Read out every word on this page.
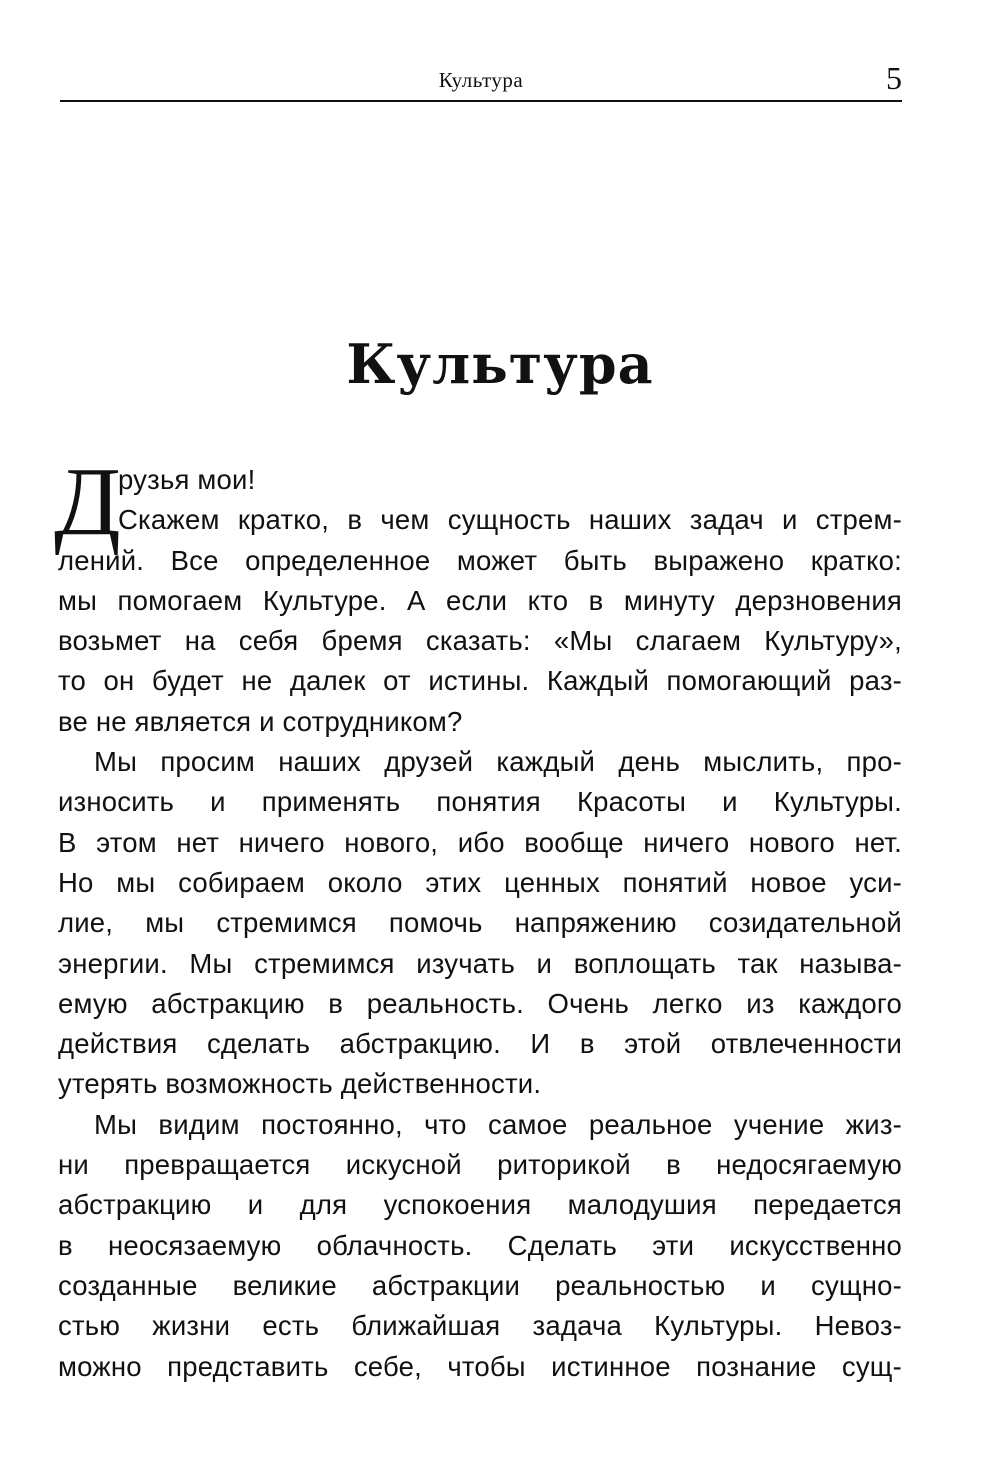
Культура	5
Культура
Д
рузья мои!
Скажем кратко, в чем сущность наших задач и стрем-
лений. Все определенное может быть выражено кратко:
мы помогаем Культуре. А если кто в минуту дерзновения
возьмет на себя бремя сказать: «Мы слагаем Культуру»,
то он будет не далек от истины. Каждый помогающий раз-
ве не является и сотрудником?
Мы просим наших друзей каждый день мыслить, про-
износить и применять понятия Красоты и Культуры.
В этом нет ничего нового, ибо вообще ничего нового нет.
Но мы собираем около этих ценных понятий новое уси-
лие, мы стремимся помочь напряжению созидательной
энергии. Мы стремимся изучать и воплощать так называ-
емую абстракцию в реальность. Очень легко из каждого
действия сделать абстракцию. И в этой отвлеченности
утерять возможность действенности.
Мы видим постоянно, что самое реальное учение жиз-
ни превращается искусной риторикой в недосягаемую
абстракцию и для успокоения малодушия передается
в неосязаемую облачность. Сделать эти искусственно
созданные великие абстракции реальностью и сущно-
стью жизни есть ближайшая задача Культуры. Невоз-
можно представить себе, чтобы истинное познание сущ-
